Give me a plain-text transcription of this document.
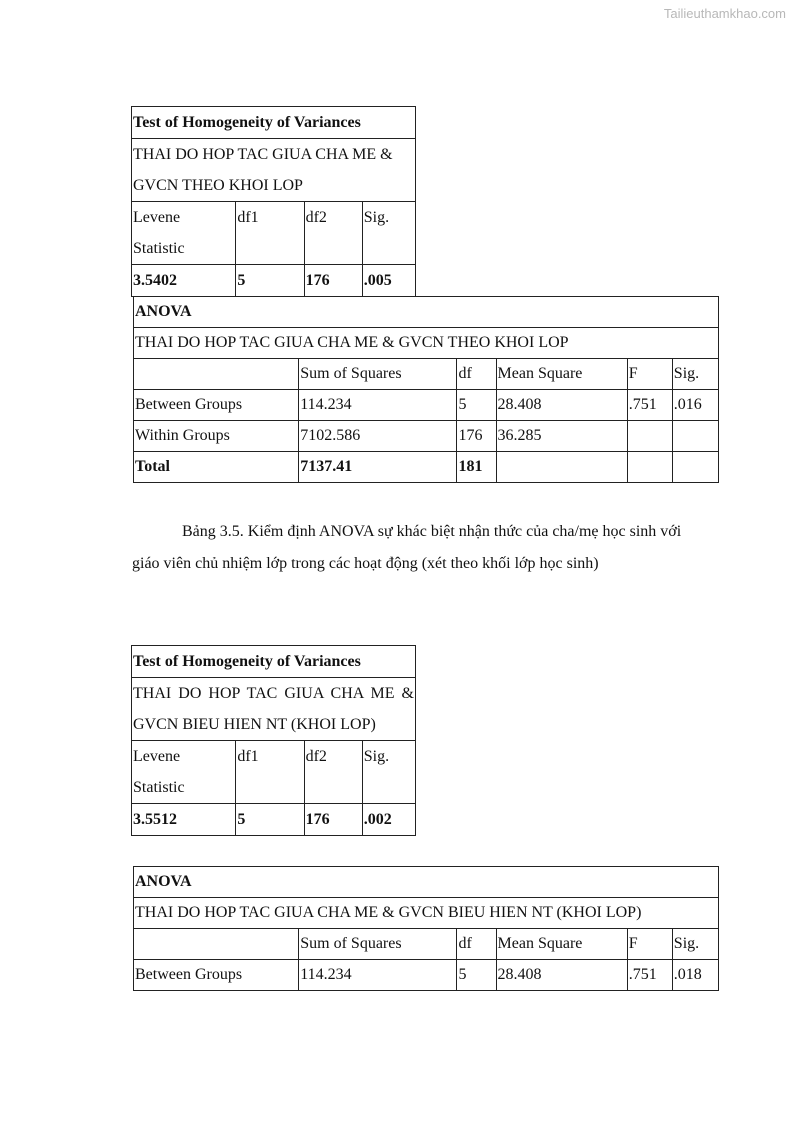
Tailieuthamkhao.com
Test of Homogeneity of Variances			
THAI DO HOP TAC GIUA CHA ME & GVCN THEO KHOI LOP			
Levene Statistic	df1	df2	Sig.
3.5402	5	176	.005
ANOVA					
THAI DO HOP TAC GIUA CHA ME & GVCN THEO KHOI LOP					
	Sum of Squares	df	Mean Square	F	Sig.
Between Groups	114.234	5	28.408	.751	.016
Within Groups	7102.586	176	36.285		
Total	7137.41	181			
Bảng 3.5. Kiểm định ANOVA sự khác biệt nhận thức của cha/mẹ học sinh với giáo viên chủ nhiệm lớp trong các hoạt động (xét theo khối lớp học sinh)
Test of Homogeneity of Variances			
THAI DO HOP TAC GIUA CHA ME & GVCN BIEU HIEN NT (KHOI LOP)			
Levene Statistic	df1	df2	Sig.
3.5512	5	176	.002
ANOVA					
THAI DO HOP TAC GIUA CHA ME & GVCN BIEU HIEN NT (KHOI LOP)					
	Sum of Squares	df	Mean Square	F	Sig.
Between Groups	114.234	5	28.408	.751	.018
